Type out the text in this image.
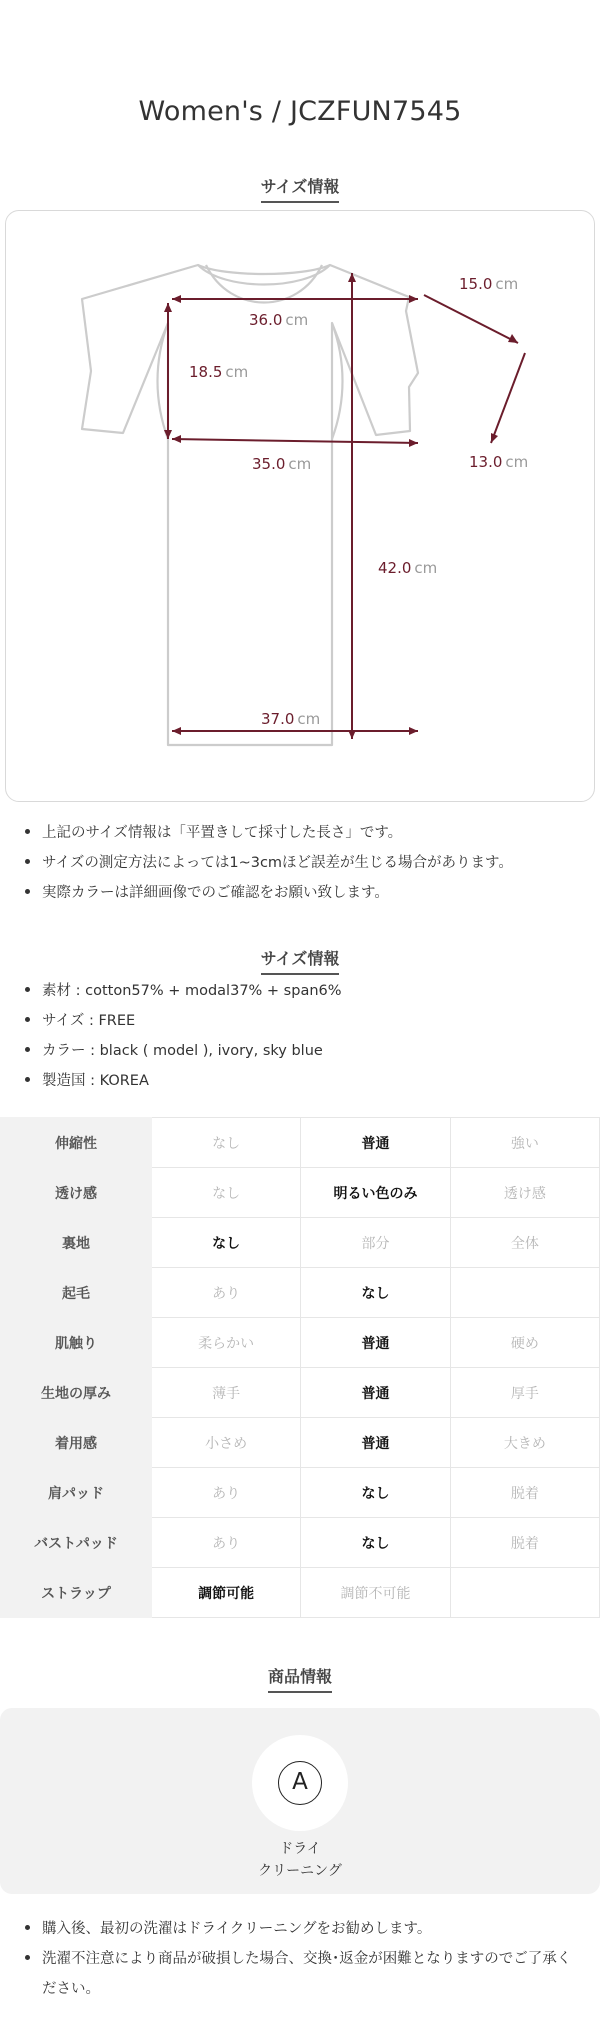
Women's / JCZFUN7545
サイズ情報
36.0 cm
15.0 cm
18.5 cm
35.0 cm	13.0 cm
42.0 cm
37.0 cm
上記のサイズ情報は「平置きして採寸した長さ」です。
サイズの測定方法によっては1~3cmほど誤差が生じる場合があります。
実際カラーは詳細画像でのご確認をお願い致します。
サイズ情報
素材 : cotton57% + modal37% + span6%
サイズ : FREE
カラー : black ( model ), ivory, sky blue
製造国 : KOREA
伸縮性	なし	普通	強い
透け感	なし	明るい色のみ	透け感
裏地	なし	部分	全体
起毛	あり	なし	
肌触り	柔らかい	普通	硬め
生地の厚み	薄手	普通	厚手
着用感	小さめ	普通	大きめ
肩パッド	あり	なし	脱着
バストパッド	あり	なし	脱着
ストラップ	調節可能	調節不可能	
商品情報
A
ドライ
クリーニング
購入後、最初の洗濯はドライクリーニングをお勧めします。
洗濯不注意により商品が破損した場合、交換･返金が困難となりますのでご了承ください。
